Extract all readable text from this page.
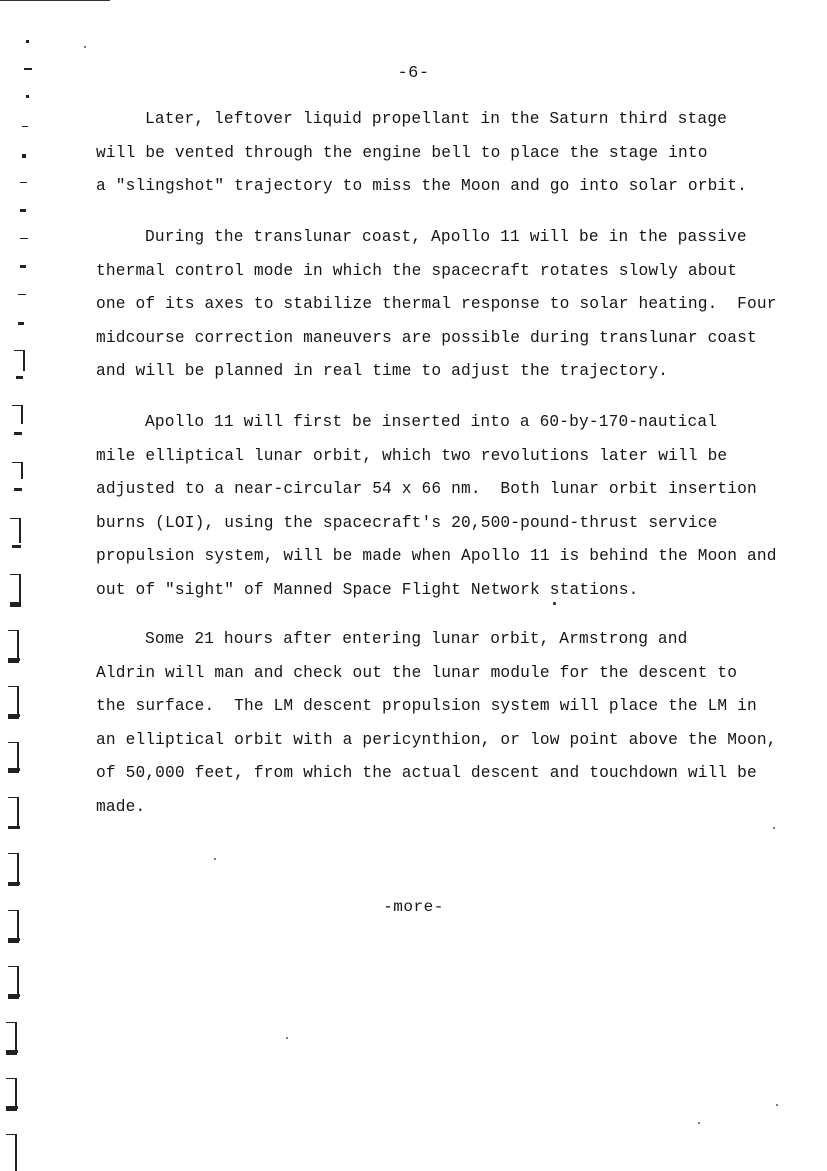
-6-
Later, leftover liquid propellant in the Saturn third stage
will be vented through the engine bell to place the stage into
a "slingshot" trajectory to miss the Moon and go into solar orbit.
During the translunar coast, Apollo 11 will be in the passive
thermal control mode in which the spacecraft rotates slowly about
one of its axes to stabilize thermal response to solar heating.  Four
midcourse correction maneuvers are possible during translunar coast
and will be planned in real time to adjust the trajectory.
Apollo 11 will first be inserted into a 60-by-170-nautical
mile elliptical lunar orbit, which two revolutions later will be
adjusted to a near-circular 54 x 66 nm.  Both lunar orbit insertion
burns (LOI), using the spacecraft's 20,500-pound-thrust service
propulsion system, will be made when Apollo 11 is behind the Moon and
out of "sight" of Manned Space Flight Network stations.
Some 21 hours after entering lunar orbit, Armstrong and
Aldrin will man and check out the lunar module for the descent to
the surface.  The LM descent propulsion system will place the LM in
an elliptical orbit with a pericynthion, or low point above the Moon,
of 50,000 feet, from which the actual descent and touchdown will be
made.
-more-
